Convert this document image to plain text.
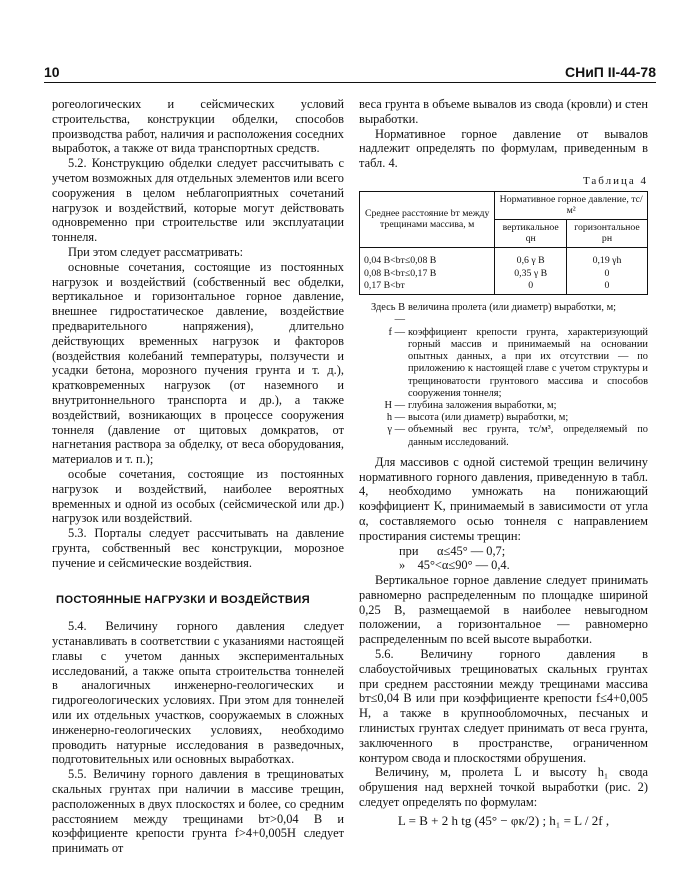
10	СНиП II-44-78

рогеологических и сейсмических условий строительства, конструкции обделки, способов производства работ, наличия и расположения соседних выработок, а также от вида транспортных средств.

5.2. Конструкцию обделки следует рассчитывать с учетом возможных для отдельных элементов или всего сооружения в целом неблагоприятных сочетаний нагрузок и воздействий, которые могут действовать одновременно при строительстве или эксплуатации тоннеля.

При этом следует рассматривать:

основные сочетания, состоящие из постоянных нагрузок и воздействий (собственный вес обделки, вертикальное и горизонтальное горное давление, внешнее гидростатическое давление, воздействие предварительного напряжения), длительно действующих временных нагрузок и факторов (воздействия колебаний температуры, ползучести и усадки бетона, морозного пучения грунта и т. д.), кратковременных нагрузок (от наземного и внутритоннельного транспорта и др.), а также воздействий, возникающих в процессе сооружения тоннеля (давление от щитовых домкратов, от нагнетания раствора за обделку, от веса оборудования, материалов и т. п.);

особые сочетания, состоящие из постоянных нагрузок и воздействий, наиболее вероятных временных и одной из особых (сейсмической или др.) нагрузок или воздействий.

5.3. Порталы следует рассчитывать на давление грунта, собственный вес конструкции, морозное пучение и сейсмические воздействия.

ПОСТОЯННЫЕ НАГРУЗКИ И ВОЗДЕЙСТВИЯ

5.4. Величину горного давления следует устанавливать в соответствии с указаниями настоящей главы с учетом данных экспериментальных исследований, а также опыта строительства тоннелей в аналогичных инженерно-геологических и гидрогеологических условиях. При этом для тоннелей или их отдельных участков, сооружаемых в сложных инженерно-геологических условиях, необходимо проводить натурные исследования в разведочных, подготовительных или основных выработках.

5.5. Величину горного давления в трещиноватых скальных грунтах при наличии в массиве трещин, расположенных в двух плоскостях и более, со средним расстоянием между трещинами bт>0,04 B и коэффициенте крепости грунта f>4+0,005H следует принимать от

веса грунта в объеме вывалов из свода (кровли) и стен выработки.

Нормативное горное давление от вывалов надлежит определять по формулам, приведенным в табл. 4.

Таблица 4
Среднее расстояние bт между трещинами массива, м	Нормативное горное давление, тс/м²	
	вертикальное qн	горизонтальное pн
0,04 B<bт≤0,08 B	0,6 γ B	0,19 γh
0,08 B<bт≤0,17 B	0,35 γ B	0
0,17 B<bт	0	0
Здесь B —
величина пролета (или диаметр) выработки, м;
f — коэффициент крепости грунта, характеризующий горный массив и принимаемый на основании опытных данных, а при их отсутствии — по приложению к настоящей главе с учетом структуры и трещиноватости грунтового массива и способов сооружения тоннеля;
H — глубина заложения выработки, м;
h — высота (или диаметр) выработки, м;
γ — объемный вес грунта, тс/м³, определяемый по данным исследований.

Для массивов с одной системой трещин величину нормативного горного давления, приведенную в табл. 4, необходимо умножать на понижающий коэффициент K, принимаемый в зависимости от угла α, составляемого осью тоннеля с направлением простирания системы трещин:

при      α≤45° — 0,7;
»    45°<α≤90° — 0,4.

Вертикальное горное давление следует принимать равномерно распределенным по площадке шириной 0,25 B, размещаемой в наиболее невыгодном положении, а горизонтальное — равномерно распределенным по всей высоте выработки.

5.6. Величину горного давления в слабоустойчивых трещиноватых скальных грунтах при среднем расстоянии между трещинами массива bт≤0,04 B или при коэффициенте крепости f≤4+0,005 H, а также в крупнообломочных, песчаных и глинистых грунтах следует принимать от веса грунта, заключенного в пространстве, ограниченном контуром свода и плоскостями обрушения.

Величину, м, пролета L и высоту h₁ свода обрушения над верхней точкой выработки (рис. 2) следует определять по формулам:

L = B + 2 h tg (45° − φк/2) ; h₁ = L / 2f ,
